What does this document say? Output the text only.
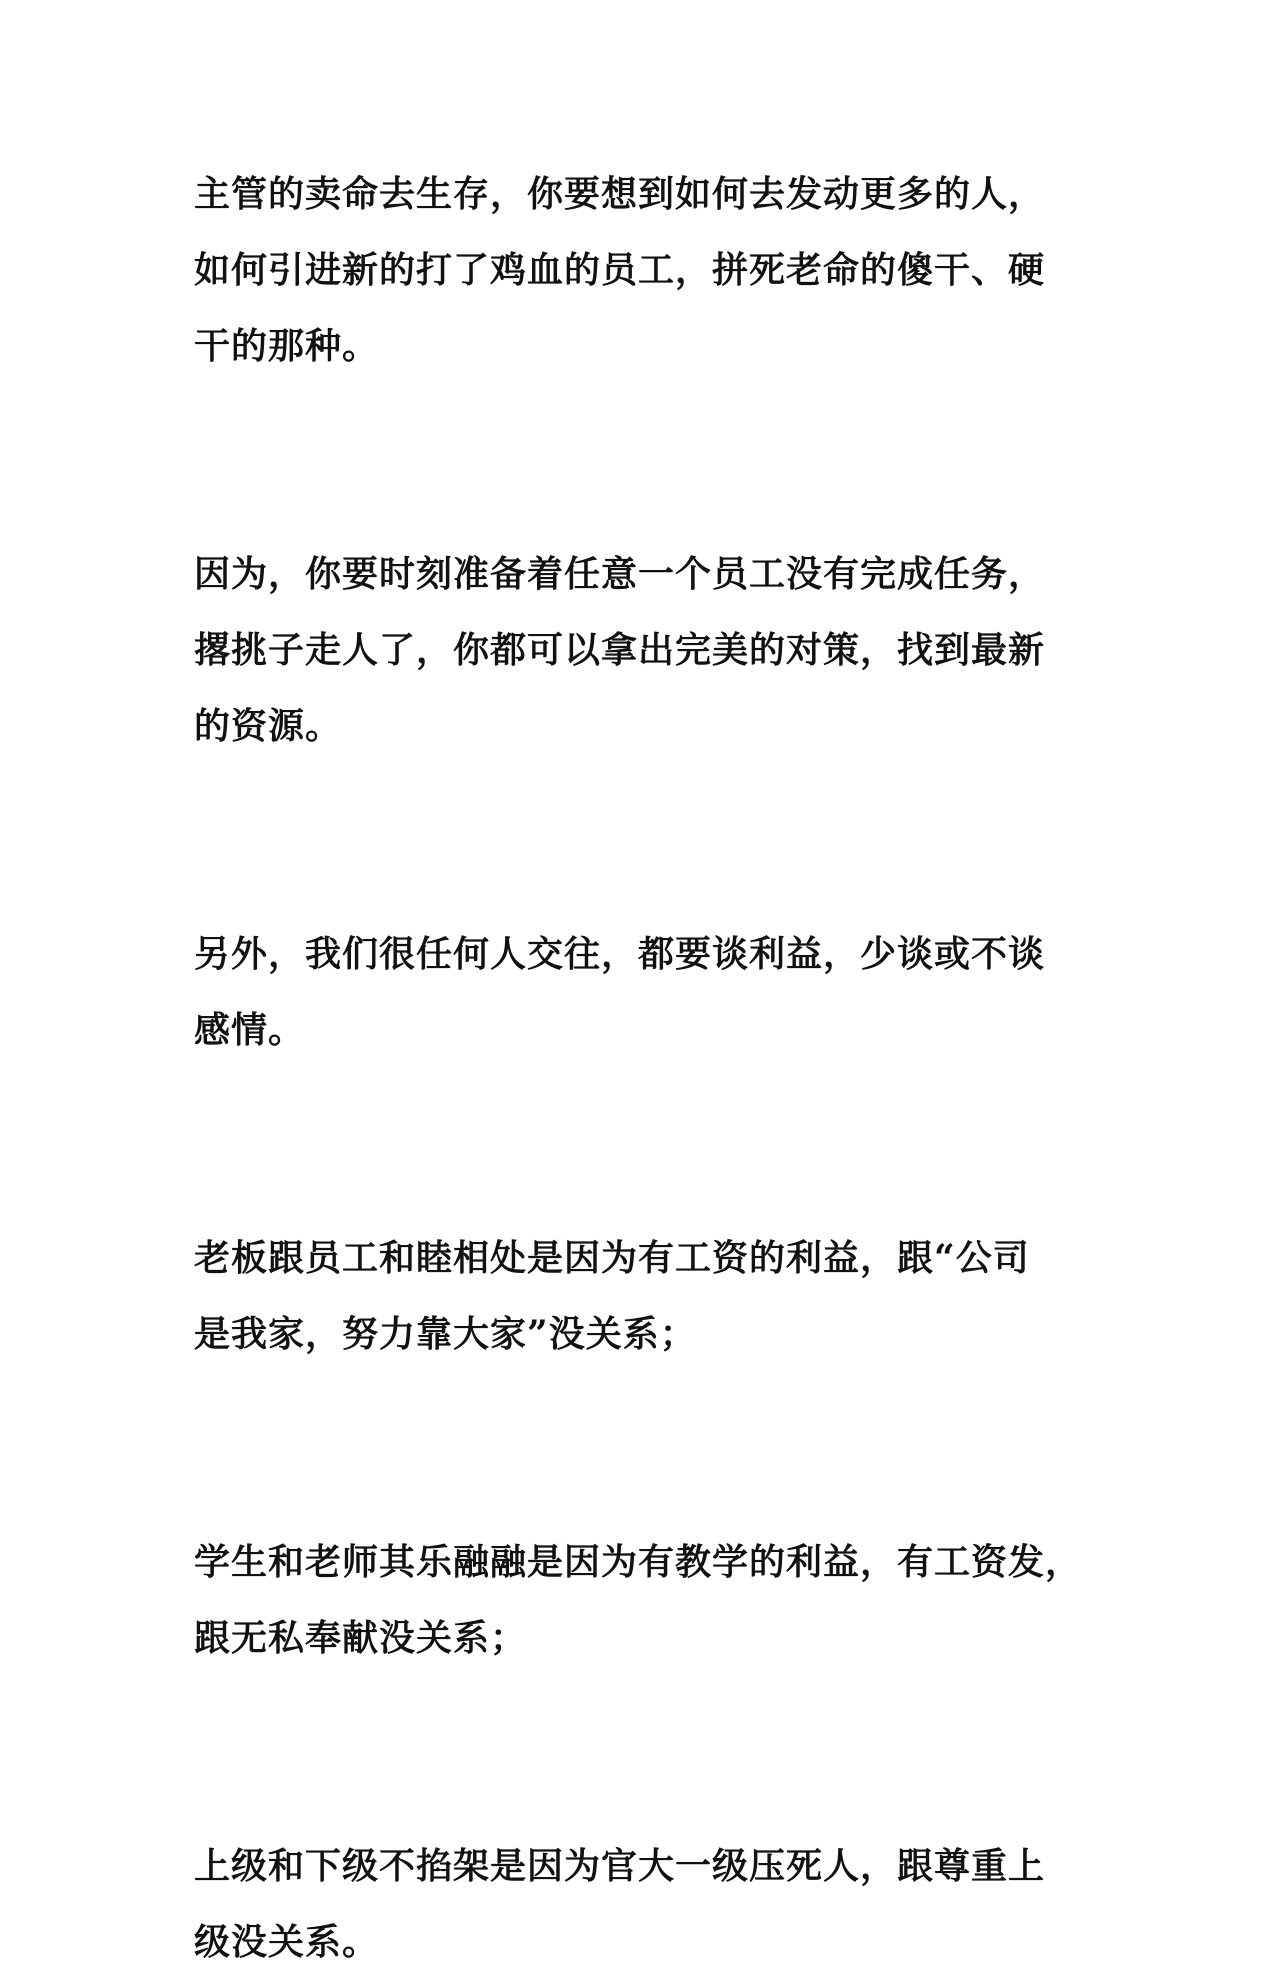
主管的卖命去生存，你要想到如何去发动更多的人，
如何引进新的打了鸡血的员工，拼死老命的傻干、硬
干的那种。

因为，你要时刻准备着任意一个员工没有完成任务，
撂挑子走人了，你都可以拿出完美的对策，找到最新
的资源。

另外，我们很任何人交往，都要谈利益，少谈或不谈
感情。

老板跟员工和睦相处是因为有工资的利益，跟“公司
是我家，努力靠大家”没关系；

学生和老师其乐融融是因为有教学的利益，有工资发，
跟无私奉献没关系；

上级和下级不掐架是因为官大一级压死人，跟尊重上
级没关系。
